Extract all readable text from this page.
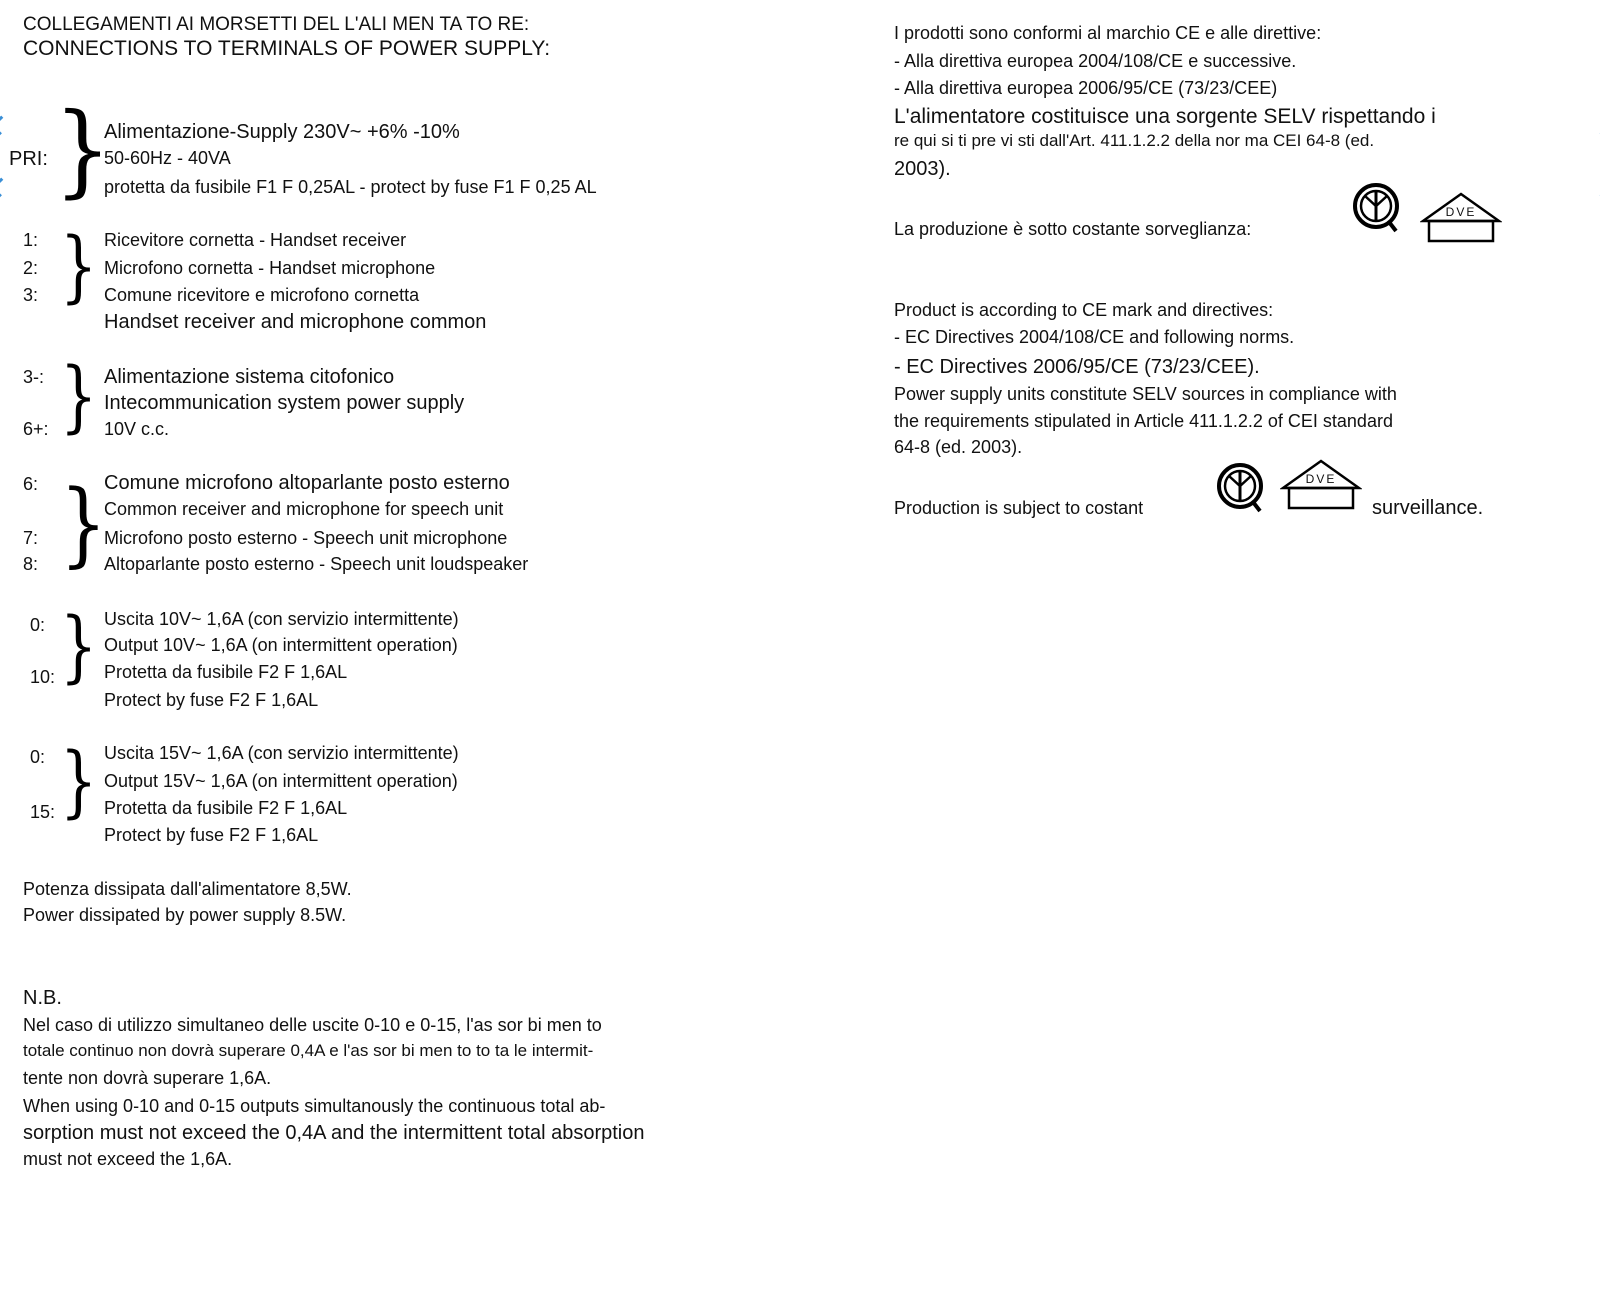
COLLEGAMENTI AI MORSETTI DEL L'ALI MEN TA TO RE:
CONNECTIONS TO TERMINALS OF POWER SUPPLY:
PRI: }
Alimentazione-Supply 230V~ +6% -10%
50-60Hz - 40VA
protetta da fusibile F1 F 0,25AL - protect by fuse F1 F 0,25 AL
1:
2:
3: } Ricevitore cornetta - Handset receiver
Microfono cornetta - Handset microphone
Comune ricevitore e microfono cornetta
Handset receiver and microphone common
3-:
6+: } Alimentazione sistema citofonico
Intecommunication system power supply
10V c.c.
6:
7:
8: }
Comune microfono altoparlante posto esterno
Common receiver and microphone for speech unit
Microfono posto esterno - Speech unit microphone
Altoparlante posto esterno - Speech unit loudspeaker
0:
10: } Uscita 10V~ 1,6A (con servizio intermittente)
Output 10V~ 1,6A (on intermittent operation)
Protetta da fusibile F2 F 1,6AL
Protect by fuse F2 F 1,6AL
0:
15: } Uscita 15V~ 1,6A (con servizio intermittente)
Output 15V~ 1,6A (on intermittent operation)
Protetta da fusibile F2 F 1,6AL
Protect by fuse F2 F 1,6AL
Potenza dissipata dall'alimentatore 8,5W.
Power dissipated by power supply 8.5W.
N.B.
Nel caso di utilizzo simultaneo delle uscite 0-10 e 0-15, l'as sor bi men to
totale continuo non dovrà superare 0,4A e l'as sor bi men to to ta le intermit-
tente non dovrà superare 1,6A.
When using 0-10 and 0-15 outputs simultanously the continuous total ab-
sorption must not exceed the 0,4A and the intermittent total absorption
must not exceed the 1,6A.
I prodotti sono conformi al marchio CE e alle direttive:
- Alla direttiva europea 2004/108/CE e successive.
- Alla direttiva europea 2006/95/CE (73/23/CEE)
L'alimentatore costituisce una sorgente SELV rispettando i
re qui si ti pre vi sti dall'Art. 411.1.2.2 della nor ma CEI 64-8 (ed.
2003).
La produzione è sotto costante sorveglianza:
DVE
Product is according to CE mark and directives:
- EC Directives 2004/108/CE and following norms.
- EC Directives 2006/95/CE (73/23/CEE).
Power supply units constitute SELV sources in compliance with
the requirements stipulated in Article 411.1.2.2 of CEI standard
64-8 (ed. 2003).
Production is subject to costant
DVE
surveillance.
